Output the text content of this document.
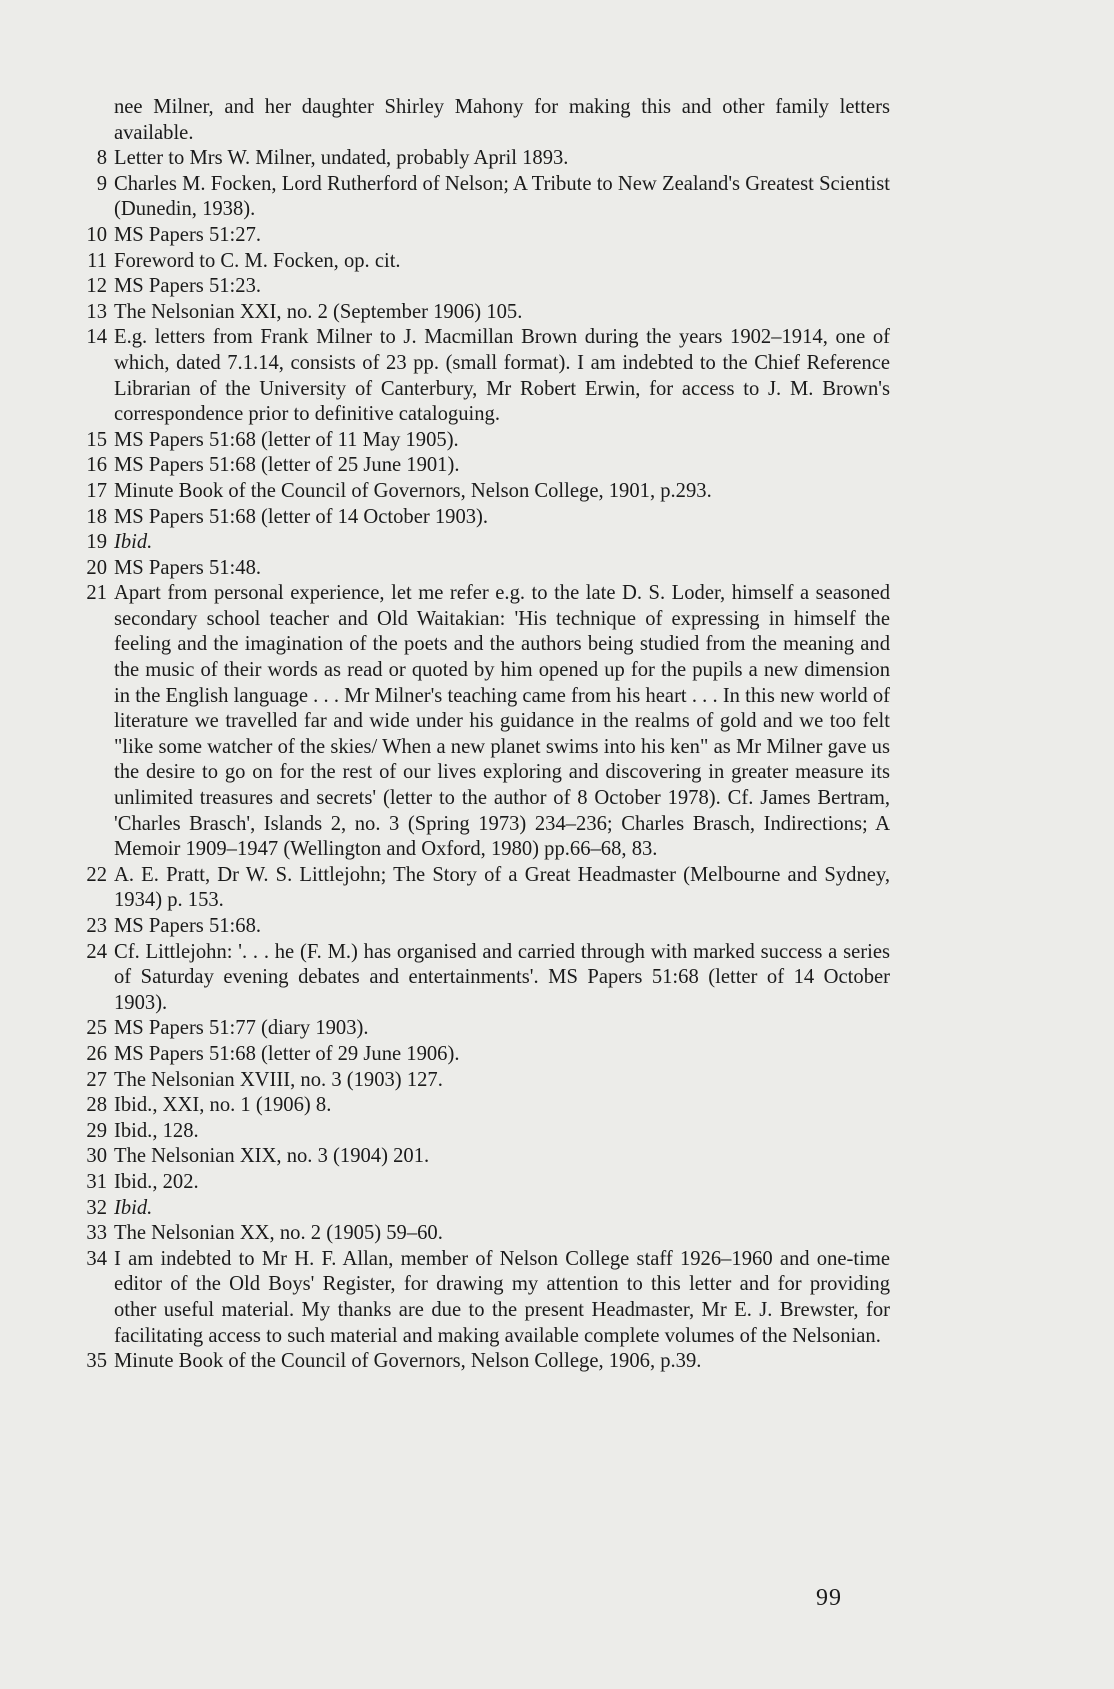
nee Milner, and her daughter Shirley Mahony for making this and other family letters available.
8 Letter to Mrs W. Milner, undated, probably April 1893.
9 Charles M. Focken, Lord Rutherford of Nelson; A Tribute to New Zealand's Greatest Scientist (Dunedin, 1938).
10 MS Papers 51:27.
11 Foreword to C. M. Focken, op. cit.
12 MS Papers 51:23.
13 The Nelsonian XXI, no. 2 (September 1906) 105.
14 E.g. letters from Frank Milner to J. Macmillan Brown during the years 1902–1914, one of which, dated 7.1.14, consists of 23 pp. (small format). I am indebted to the Chief Reference Librarian of the University of Canterbury, Mr Robert Erwin, for access to J. M. Brown's correspondence prior to definitive cataloguing.
15 MS Papers 51:68 (letter of 11 May 1905).
16 MS Papers 51:68 (letter of 25 June 1901).
17 Minute Book of the Council of Governors, Nelson College, 1901, p.293.
18 MS Papers 51:68 (letter of 14 October 1903).
19 Ibid.
20 MS Papers 51:48.
21 Apart from personal experience, let me refer e.g. to the late D. S. Loder, himself a seasoned secondary school teacher and Old Waitakian: 'His technique of expressing in himself the feeling and the imagination of the poets and the authors being studied from the meaning and the music of their words as read or quoted by him opened up for the pupils a new dimension in the English language . . . Mr Milner's teaching came from his heart . . . In this new world of literature we travelled far and wide under his guidance in the realms of gold and we too felt "like some watcher of the skies/ When a new planet swims into his ken" as Mr Milner gave us the desire to go on for the rest of our lives exploring and discovering in greater measure its unlimited treasures and secrets' (letter to the author of 8 October 1978). Cf. James Bertram, 'Charles Brasch', Islands 2, no. 3 (Spring 1973) 234–236; Charles Brasch, Indirections; A Memoir 1909–1947 (Wellington and Oxford, 1980) pp.66–68, 83.
22 A. E. Pratt, Dr W. S. Littlejohn; The Story of a Great Headmaster (Melbourne and Sydney, 1934) p. 153.
23 MS Papers 51:68.
24 Cf. Littlejohn: '. . . he (F. M.) has organised and carried through with marked success a series of Saturday evening debates and entertainments'. MS Papers 51:68 (letter of 14 October 1903).
25 MS Papers 51:77 (diary 1903).
26 MS Papers 51:68 (letter of 29 June 1906).
27 The Nelsonian XVIII, no. 3 (1903) 127.
28 Ibid., XXI, no. 1 (1906) 8.
29 Ibid., 128.
30 The Nelsonian XIX, no. 3 (1904) 201.
31 Ibid., 202.
32 Ibid.
33 The Nelsonian XX, no. 2 (1905) 59–60.
34 I am indebted to Mr H. F. Allan, member of Nelson College staff 1926–1960 and one-time editor of the Old Boys' Register, for drawing my attention to this letter and for providing other useful material. My thanks are due to the present Headmaster, Mr E. J. Brewster, for facilitating access to such material and making available complete volumes of the Nelsonian.
35 Minute Book of the Council of Governors, Nelson College, 1906, p.39.
99
